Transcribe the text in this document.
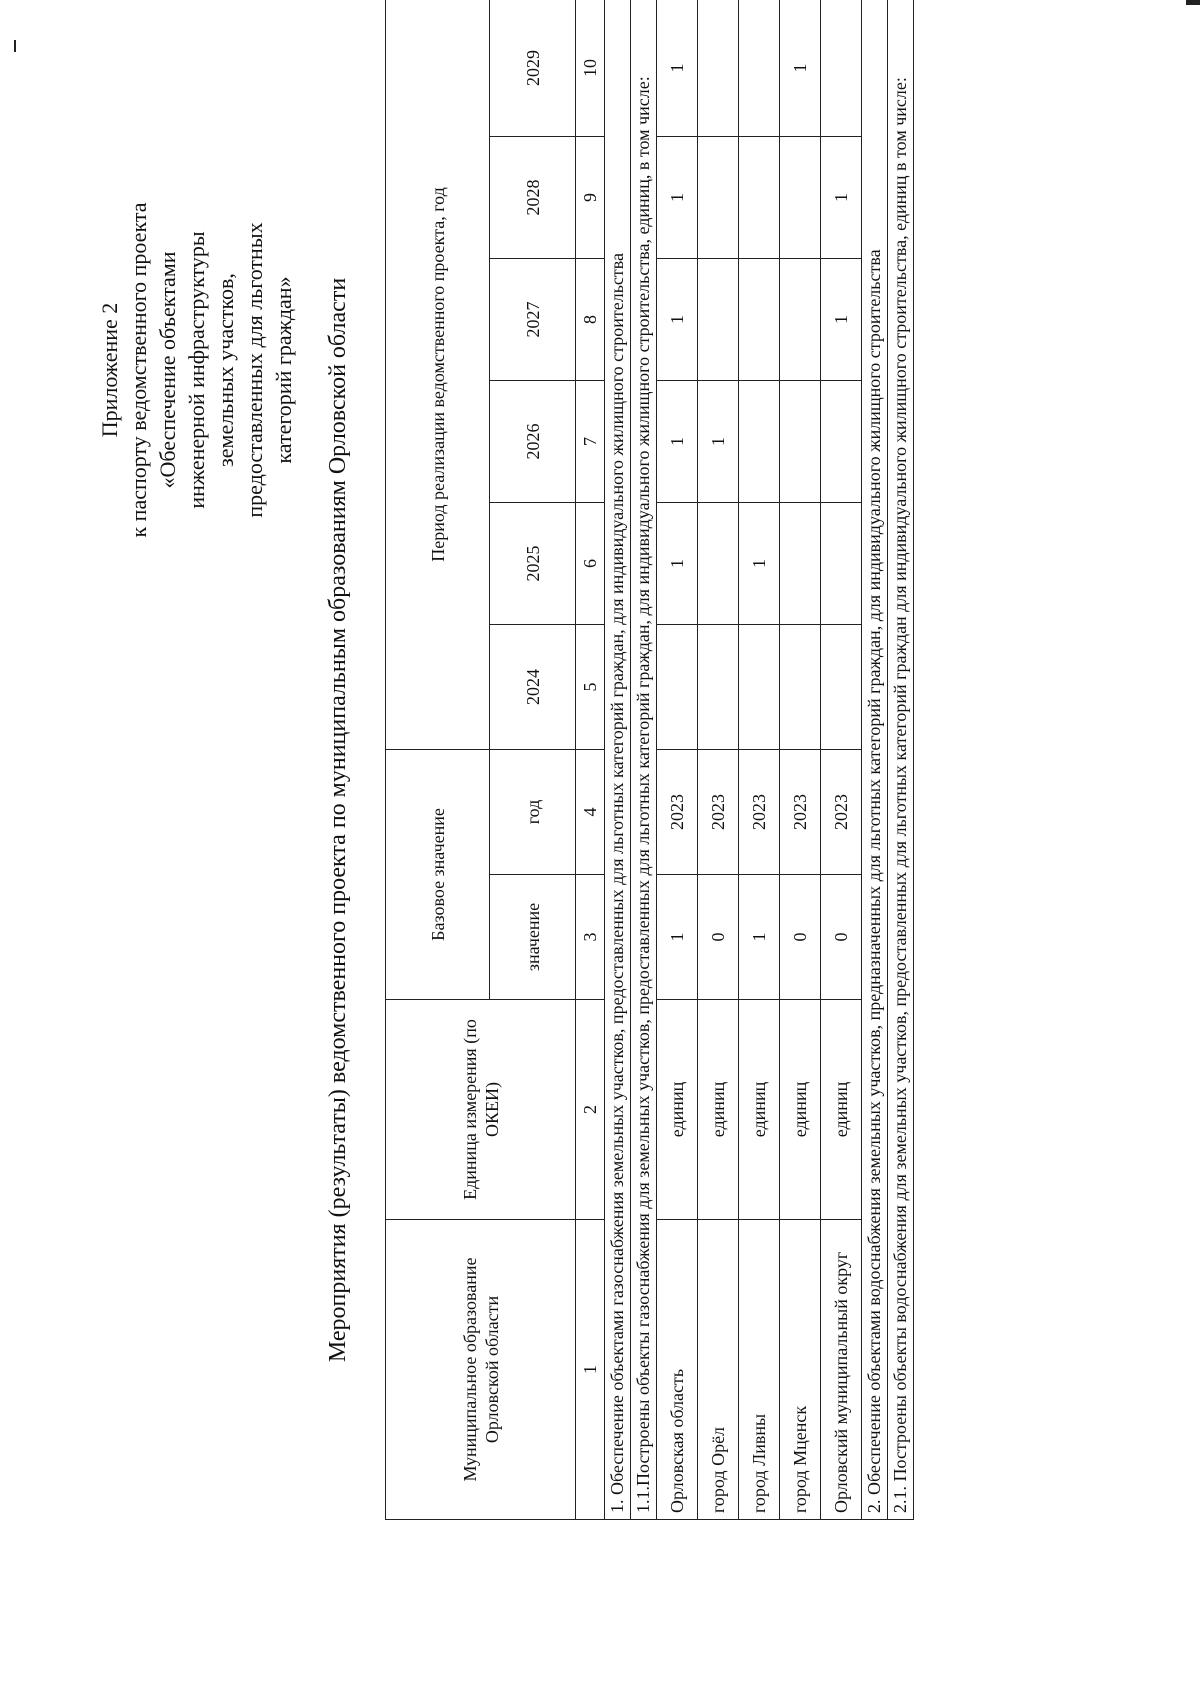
Приложение 2 к паспорту ведомственного проекта «Обеспечение объектами инженерной инфраструктуры земельных участков, предоставленных для льготных категорий граждан» Мероприятия (результаты) ведомственного проекта по муниципальным образованиям Орловской области
Муниципальное образование Орловской области	Единица измерения (по ОКЕИ)	Базовое значение		Период реализации ведомственного проекта, год					
		значение	год	2024	2025	2026	2027	2028	2029
1	2	3	4	5	6	7	8	9	10
1. Обеспечение объектами газоснабжения земельных участков, предоставленных для льготных категорий граждан, для индивидуального жилищного строительства									
1.1.Построены объекты газоснабжения для земельных участков, предоставленных для льготных категорий граждан, для индивидуального жилищного строительства, единиц, в том числе:									
Орловская область	единиц	1	2023		1	1	1	1	1
город Орёл	единиц	0	2023			1			
город Ливны	единиц	1	2023		1				
город Мценск	единиц	0	2023						1
Орловский муниципальный округ	единиц	0	2023				1	1	
2. Обеспечение объектами водоснабжения земельных участков, предназначенных для льготных категорий граждан, для индивидуального жилищного строительства									
2.1. Построены объекты водоснабжения для земельных участков, предоставленных для льготных категорий граждан для индивидуального жилищного строительства, единиц в том числе:									
